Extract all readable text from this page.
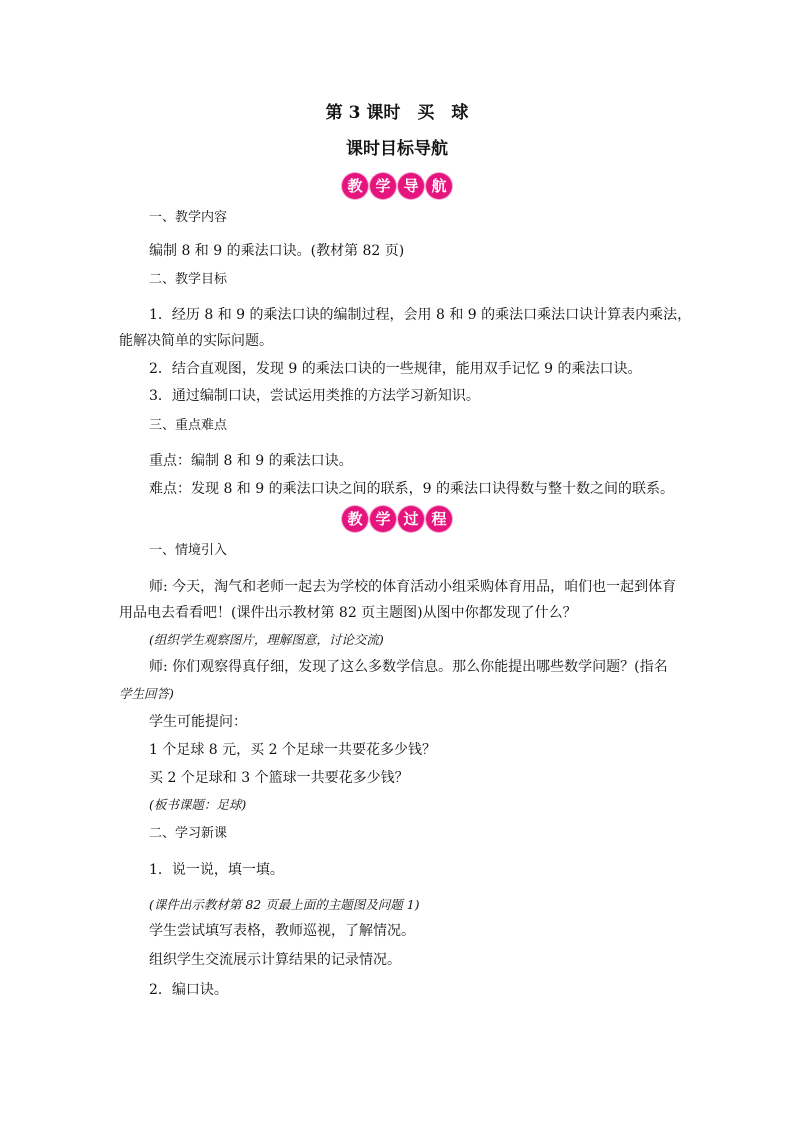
第 3 课时　买　球
课时目标导航
教 学 导 航

一、教学内容

编制 8 和 9 的乘法口诀。(教材第 82 页)

二、教学目标

1．经历 8 和 9 的乘法口诀的编制过程，会用 8 和 9 的乘法口乘法口诀计算表内乘法，

能解决简单的实际问题。

2．结合直观图，发现 9 的乘法口诀的一些规律，能用双手记忆 9 的乘法口诀。

3．通过编制口诀，尝试运用类推的方法学习新知识。

三、重点难点

重点：编制 8 和 9 的乘法口诀。

难点：发现 8 和 9 的乘法口诀之间的联系，9 的乘法口诀得数与整十数之间的联系。

教 学 过 程

一、情境引入

师: 今天，淘气和老师一起去为学校的体育活动小组采购体育用品，咱们也一起到体育

用品电去看看吧！(课件出示教材第 82 页主题图)从图中你都发现了什么？

(组织学生观察图片，理解图意，讨论交流)

师: 你们观察得真仔细，发现了这么多数学信息。那么你能提出哪些数学问题？(指名

学生回答)

学生可能提问：

1 个足球 8 元，买 2 个足球一共要花多少钱？

买 2 个足球和 3 个篮球一共要花多少钱？

(板书课题：足球)

二、学习新课

1．说一说，填一填。

(课件出示教材第 82 页最上面的主题图及问题 1)

学生尝试填写表格，教师巡视，了解情况。

组织学生交流展示计算结果的记录情况。

2．编口诀。
